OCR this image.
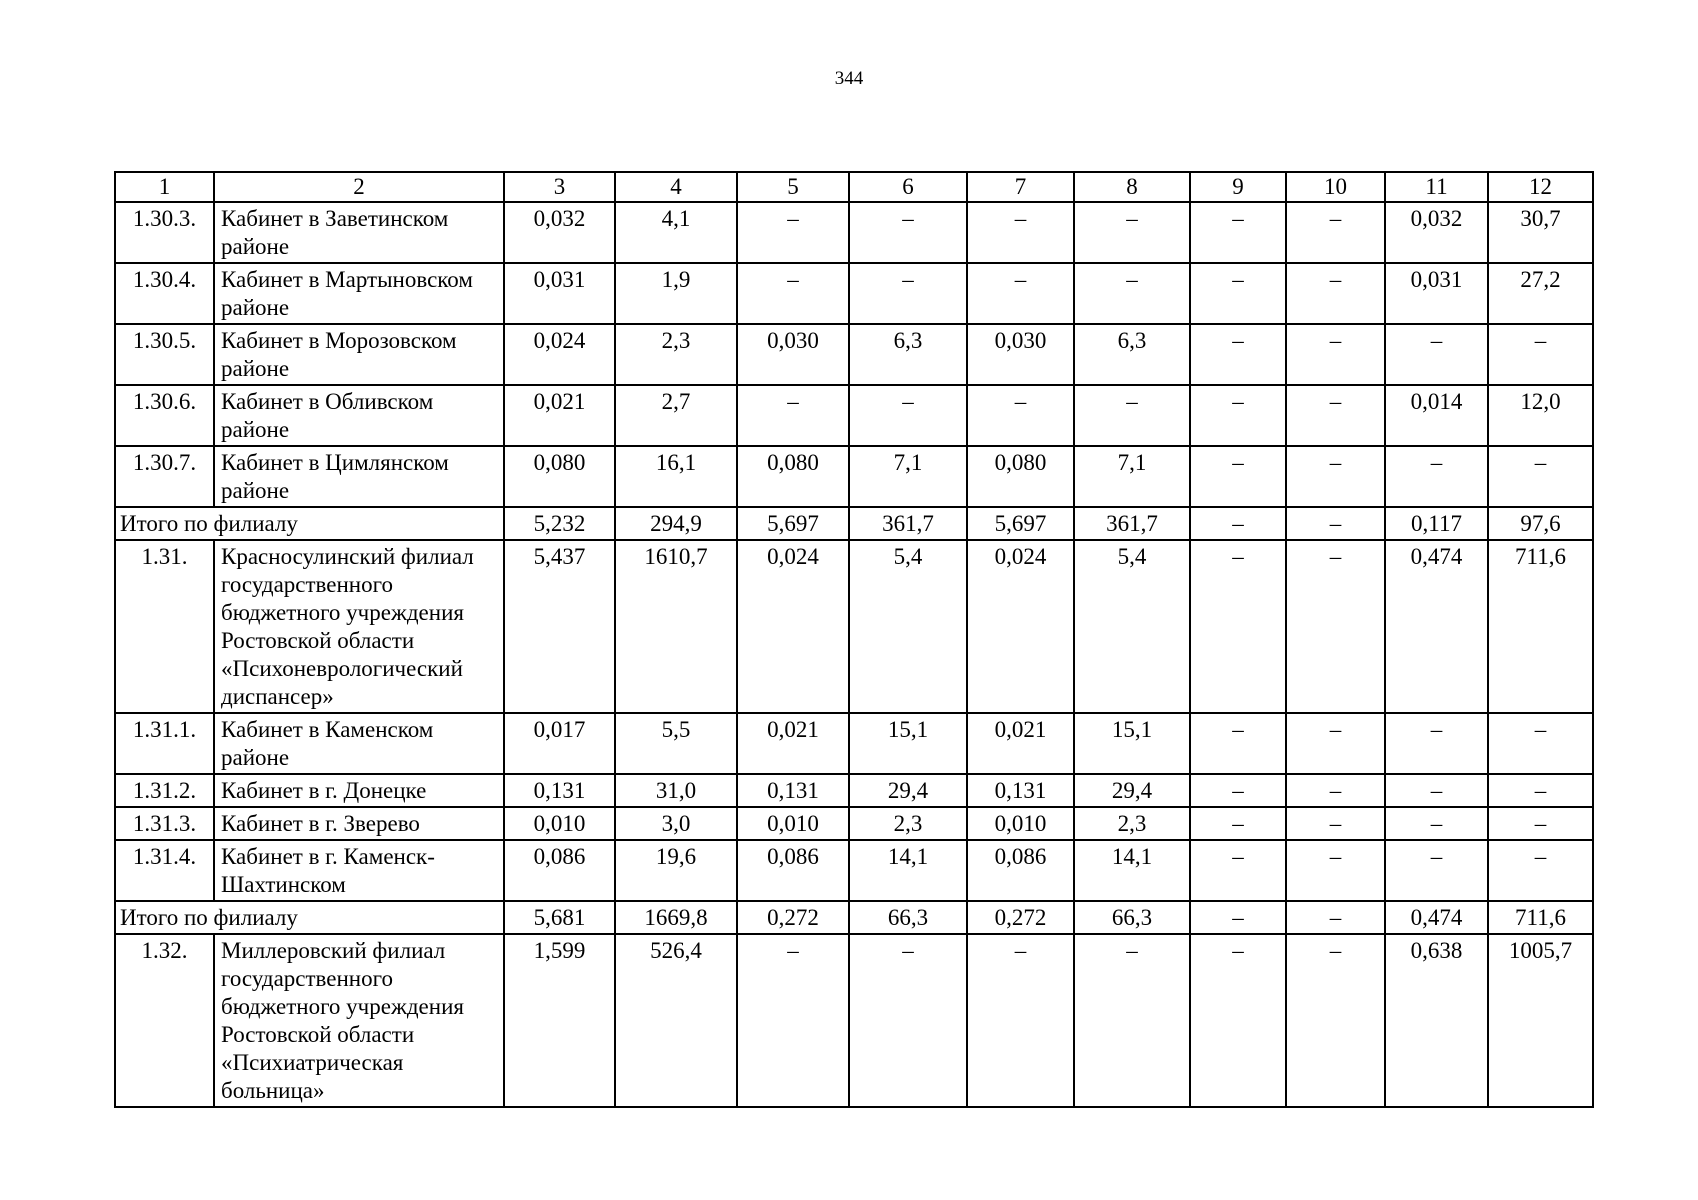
344
1	2	3	4	5	6	7	8	9	10	11	12
1.30.3.	Кабинет в Заветинском районе	0,032	4,1	–	–	–	–	–	–	0,032	30,7
1.30.4.	Кабинет в Мартыновском районе	0,031	1,9	–	–	–	–	–	–	0,031	27,2
1.30.5.	Кабинет в Морозовском районе	0,024	2,3	0,030	6,3	0,030	6,3	–	–	–	–
1.30.6.	Кабинет в Обливском районе	0,021	2,7	–	–	–	–	–	–	0,014	12,0
1.30.7.	Кабинет в Цимлянском районе	0,080	16,1	0,080	7,1	0,080	7,1	–	–	–	–
Итого по филиалу		5,232	294,9	5,697	361,7	5,697	361,7	–	–	0,117	97,6
1.31.	Красносулинский филиал государственного бюджетного учреждения Ростовской области «Психоневрологический диспансер»	5,437	1610,7	0,024	5,4	0,024	5,4	–	–	0,474	711,6
1.31.1.	Кабинет в Каменском районе	0,017	5,5	0,021	15,1	0,021	15,1	–	–	–	–
1.31.2.	Кабинет в г. Донецке	0,131	31,0	0,131	29,4	0,131	29,4	–	–	–	–
1.31.3.	Кабинет в г. Зверево	0,010	3,0	0,010	2,3	0,010	2,3	–	–	–	–
1.31.4.	Кабинет в г. Каменск-Шахтинском	0,086	19,6	0,086	14,1	0,086	14,1	–	–	–	–
Итого по филиалу		5,681	1669,8	0,272	66,3	0,272	66,3	–	–	0,474	711,6
1.32.	Миллеровский филиал государственного бюджетного учреждения Ростовской области «Психиатрическая больница»	1,599	526,4	–	–	–	–	–	–	0,638	1005,7
